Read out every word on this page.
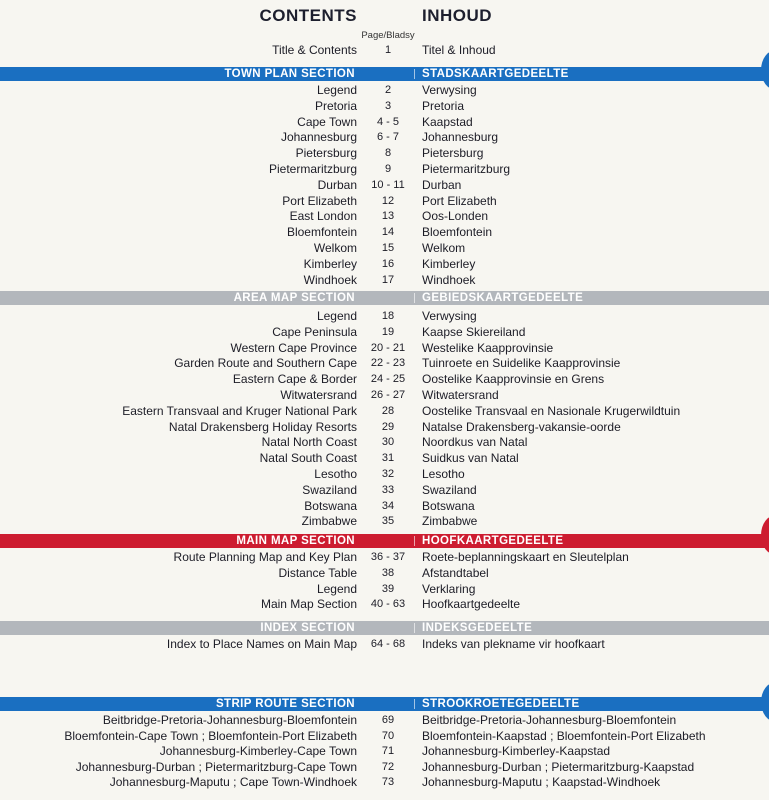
CONTENTS	INHOUD
Page/Bladsy
Title & Contents	1	Titel & Inhoud
TOWN PLAN SECTION	STADSKAARTGEDEELTE
Legend	2	Verwysing
Pretoria	3	Pretoria
Cape Town	4 - 5	Kaapstad
Johannesburg	6 - 7	Johannesburg
Pietersburg	8	Pietersburg
Pietermaritzburg	9	Pietermaritzburg
Durban	10 - 11	Durban
Port Elizabeth	12	Port Elizabeth
East London	13	Oos-Londen
Bloemfontein	14	Bloemfontein
Welkom	15	Welkom
Kimberley	16	Kimberley
Windhoek	17	Windhoek
AREA MAP SECTION	GEBIEDSKAARTGEDEELTE
Legend	18	Verwysing
Cape Peninsula	19	Kaapse Skiereiland
Western Cape Province	20 - 21	Westelike Kaapprovinsie
Garden Route and Southern Cape	22 - 23	Tuinroete en Suidelike Kaapprovinsie
Eastern Cape & Border	24 - 25	Oostelike Kaapprovinsie en Grens
Witwatersrand	26 - 27	Witwatersrand
Eastern Transvaal and Kruger National Park	28	Oostelike Transvaal en Nasionale Krugerwildtuin
Natal Drakensberg Holiday Resorts	29	Natalse Drakensberg-vakansie-oorde
Natal North Coast	30	Noordkus van Natal
Natal South Coast	31	Suidkus van Natal
Lesotho	32	Lesotho
Swaziland	33	Swaziland
Botswana	34	Botswana
Zimbabwe	35	Zimbabwe
MAIN MAP SECTION	HOOFKAARTGEDEELTE
Route Planning Map and Key Plan	36 - 37	Roete-beplanningskaart en Sleutelplan
Distance Table	38	Afstandtabel
Legend	39	Verklaring
Main Map Section	40 - 63	Hoofkaartgedeelte
INDEX SECTION	INDEKSGEDEELTE
Index to Place Names on Main Map	64 - 68	Indeks van plekname vir hoofkaart
STRIP ROUTE SECTION	STROOKROETEGEDEELTE
Beitbridge-Pretoria-Johannesburg-Bloemfontein	69	Beitbridge-Pretoria-Johannesburg-Bloemfontein
Bloemfontein-Cape Town ; Bloemfontein-Port Elizabeth	70	Bloemfontein-Kaapstad ; Bloemfontein-Port Elizabeth
Johannesburg-Kimberley-Cape Town	71	Johannesburg-Kimberley-Kaapstad
Johannesburg-Durban ; Pietermaritzburg-Cape Town	72	Johannesburg-Durban ; Pietermaritzburg-Kaapstad
Johannesburg-Maputu ; Cape Town-Windhoek	73	Johannesburg-Maputu ; Kaapstad-Windhoek
